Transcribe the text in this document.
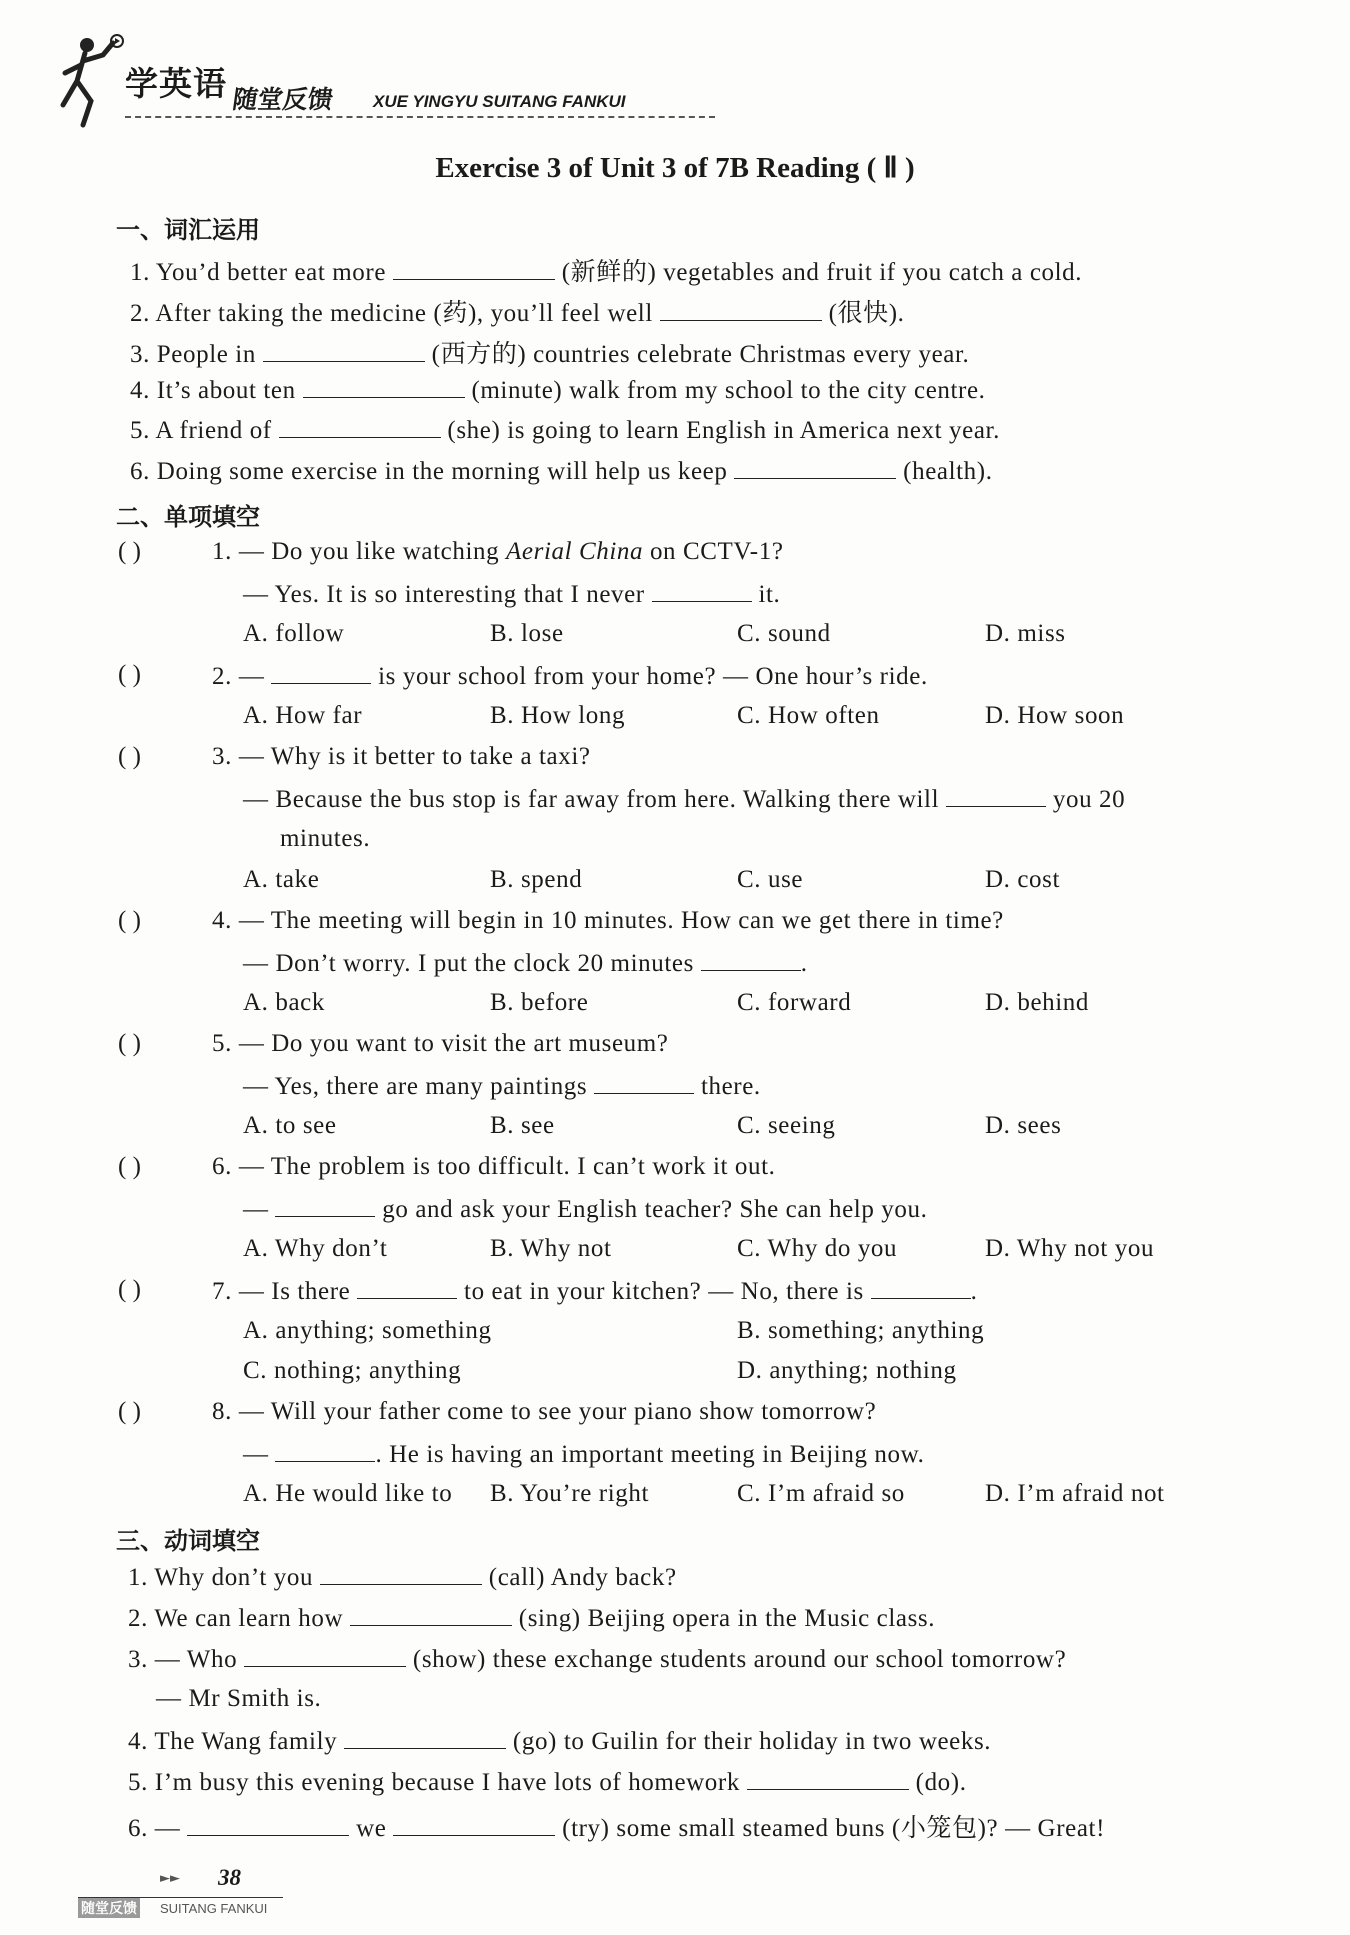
学英语 随堂反馈 XUE YINGYU SUITANG FANKUI
Exercise 3 of Unit 3 of 7B Reading ( Ⅱ )
一、词汇运用
1. You’d better eat more	(新鲜的) vegetables and fruit if you catch a cold.
2. After taking the medicine (药), you’ll feel well	(很快).
3. People in	(西方的) countries celebrate Christmas every year.
4. It’s about ten	(minute) walk from my school to the city centre.
5. A friend of	(she) is going to learn English in America next year.
6. Doing some exercise in the morning will help us keep	(health).
二、单项填空
( )	1. — Do you like watching Aerial China on CCTV-1?
— Yes. It is so interesting that I never	it.
A. follow	B. lose	C. sound	D. miss
( )	2. —	is your school from your home? — One hour’s ride.
A. How far	B. How long	C. How often	D. How soon
( )	3. — Why is it better to take a taxi?
— Because the bus stop is far away from here. Walking there will	you 20
minutes.
A. take	B. spend	C. use	D. cost
( )	4. — The meeting will begin in 10 minutes. How can we get there in time?
— Don’t worry. I put the clock 20 minutes	.
A. back	B. before	C. forward	D. behind
( )	5. — Do you want to visit the art museum?
— Yes, there are many paintings	there.
A. to see	B. see	C. seeing	D. sees
( )	6. — The problem is too difficult. I can’t work it out.
—	go and ask your English teacher? She can help you.
A. Why don’t	B. Why not	C. Why do you	D. Why not you
( )	7. — Is there	to eat in your kitchen? — No, there is	.
A. anything; something	B. something; anything
C. nothing; anything	D. anything; nothing
( )	8. — Will your father come to see your piano show tomorrow?
—	. He is having an important meeting in Beijing now.
A. He would like to B. You’re right	C. I’m afraid so	D. I’m afraid not
三、动词填空
1. Why don’t you	(call) Andy back?
2. We can learn how	(sing) Beijing opera in the Music class.
3. — Who	(show) these exchange students around our school tomorrow?
— Mr Smith is.
4. The Wang family	(go) to Guilin for their holiday in two weeks.
5. I’m busy this evening because I have lots of homework	(do).
6. —	we	(try) some small steamed buns (小笼包)? — Great!
►► 38
随堂反馈 SUITANG FANKUI
